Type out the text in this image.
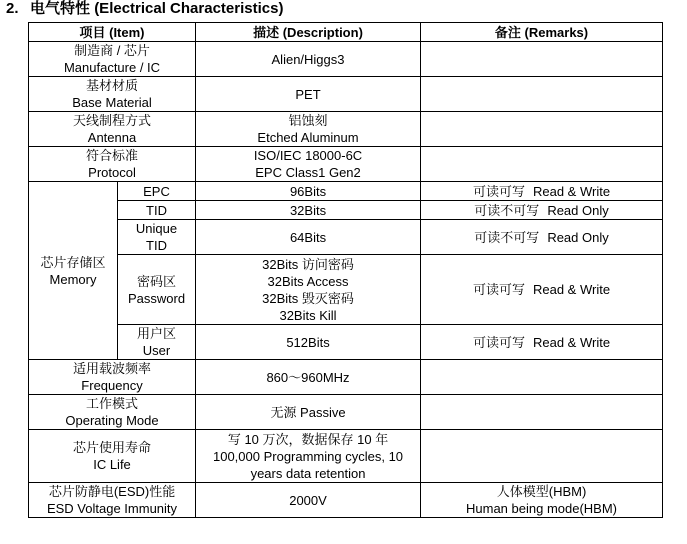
2. 电气特性 (Electrical Characteristics)
项目 (Item)		描述 (Description)	备注 (Remarks)

制造商 / 芯片
Manufacture / IC		Alien/Higgs3	

基材材质
Base Material		PET	

天线制程方式
Antenna		铝蚀刻
Etched Aluminum	

符合标准
Protocol		ISO/IEC 18000-6C
EPC Class1 Gen2	

芯片存储区
Memory	EPC	96Bits	可读可写 Read & Write
	TID	32Bits	可读不可写 Read Only

	Unique
TID	64Bits	可读不可写 Read Only

	密码区
Password	32Bits 访问密码
32Bits Access
32Bits 毁灭密码
32Bits Kill	可读可写 Read & Write

	用户区
User	512Bits	可读可写 Read & Write

适用载波频率
Frequency		860～960MHz	

工作模式
Operating Mode		无源 Passive	

芯片使用寿命
IC Life		写 10 万次，数据保存 10 年
100,000 Programming cycles, 10
years data retention	

芯片防静电(ESD)性能
ESD Voltage Immunity		2000V	人体模型(HBM)
Human being mode(HBM)
